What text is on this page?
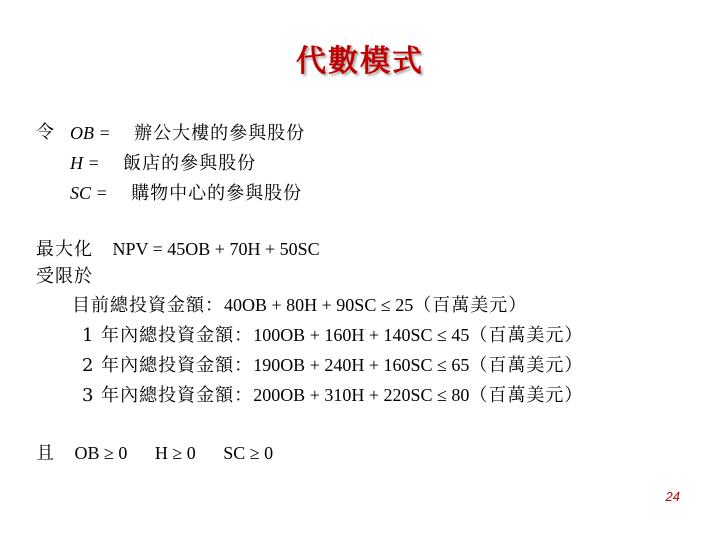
代數模式
令 OB = 辦公大樓的參與股份
H = 飯店的參與股份
SC = 購物中心的參與股份
最大化 NPV = 45OB + 70H + 50SC
受限於
目前總投資金額：40OB + 80H + 90SC ≤ 25（百萬美元）
1 年內總投資金額：100OB + 160H + 140SC ≤ 45（百萬美元）
2 年內總投資金額：190OB + 240H + 160SC ≤ 65（百萬美元）
3 年內總投資金額：200OB + 310H + 220SC ≤ 80（百萬美元）
且 OB ≥ 0 H ≥ 0 SC ≥ 0
24
